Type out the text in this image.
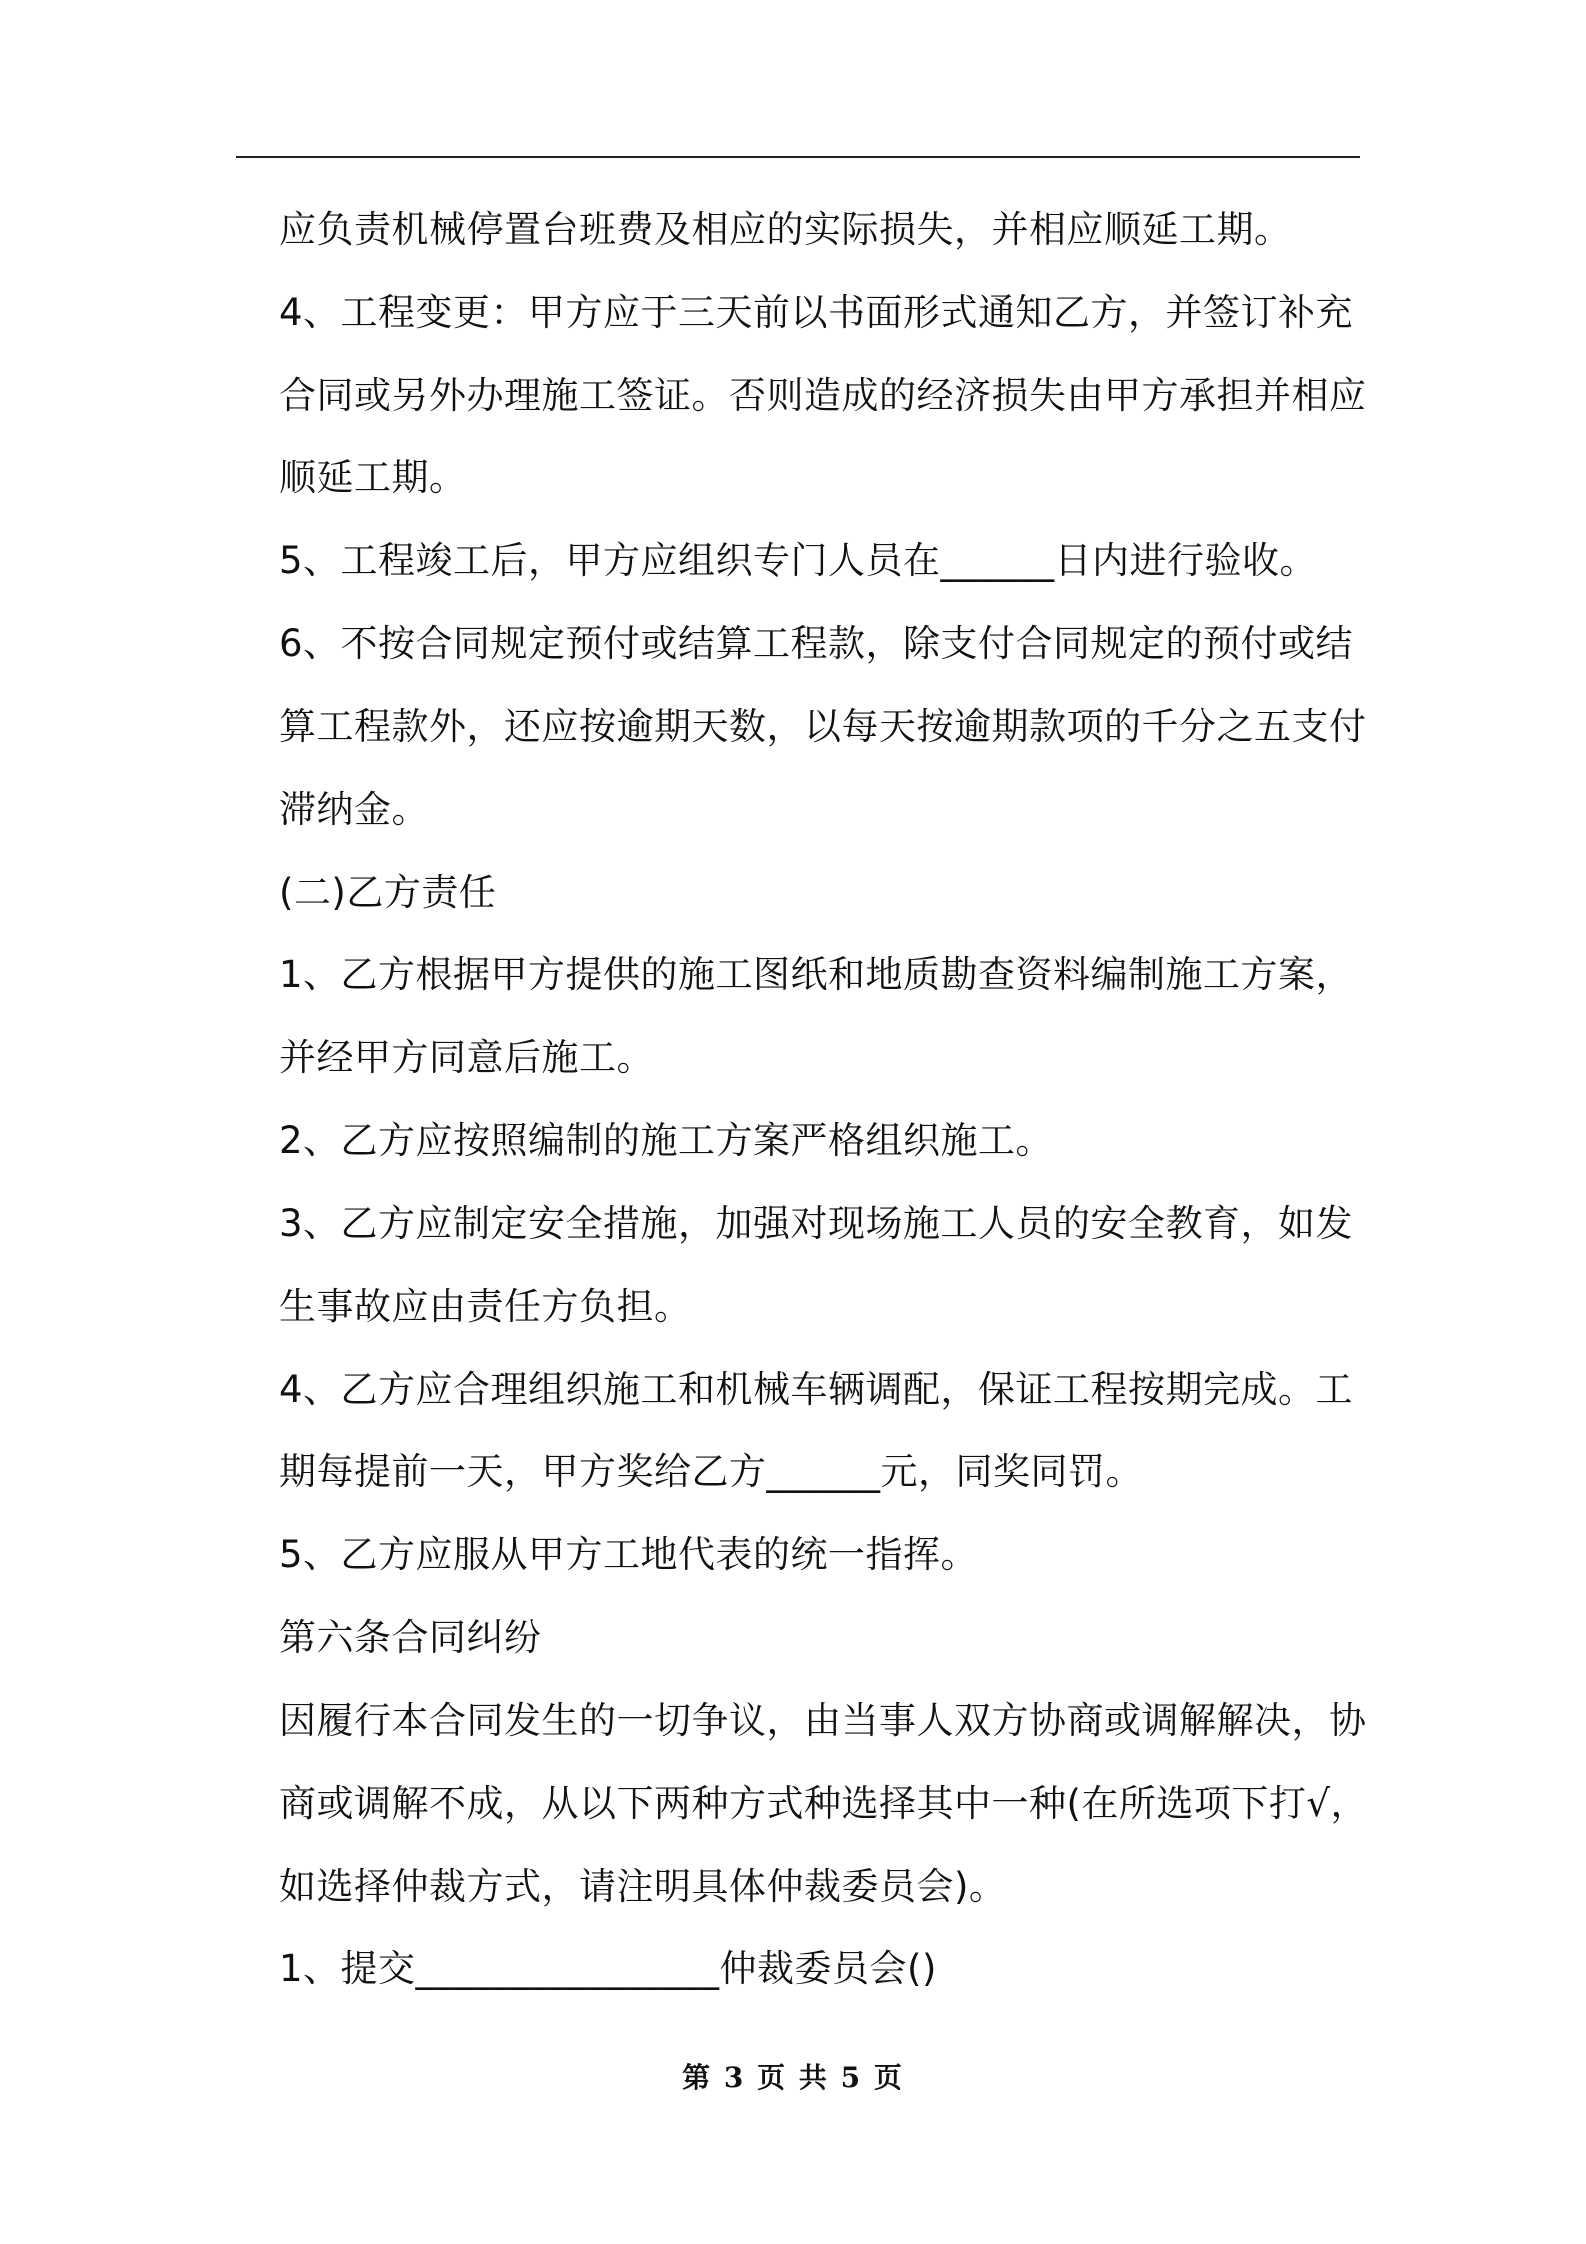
应负责机械停置台班费及相应的实际损失，并相应顺延工期。
4、工程变更：甲方应于三天前以书面形式通知乙方，并签订补充
合同或另外办理施工签证。否则造成的经济损失由甲方承担并相应
顺延工期。
5、工程竣工后，甲方应组织专门人员在______日内进行验收。
6、不按合同规定预付或结算工程款，除支付合同规定的预付或结
算工程款外，还应按逾期天数，以每天按逾期款项的千分之五支付
滞纳金。
(二)乙方责任
1、乙方根据甲方提供的施工图纸和地质勘查资料编制施工方案，
并经甲方同意后施工。
2、乙方应按照编制的施工方案严格组织施工。
3、乙方应制定安全措施，加强对现场施工人员的安全教育，如发
生事故应由责任方负担。
4、乙方应合理组织施工和机械车辆调配，保证工程按期完成。工
期每提前一天，甲方奖给乙方______元，同奖同罚。
5、乙方应服从甲方工地代表的统一指挥。
第六条合同纠纷
因履行本合同发生的一切争议，由当事人双方协商或调解解决，协
商或调解不成，从以下两种方式种选择其中一种(在所选项下打√，
如选择仲裁方式，请注明具体仲裁委员会)。
1、提交________________仲裁委员会()
第 3 页 共 5 页
